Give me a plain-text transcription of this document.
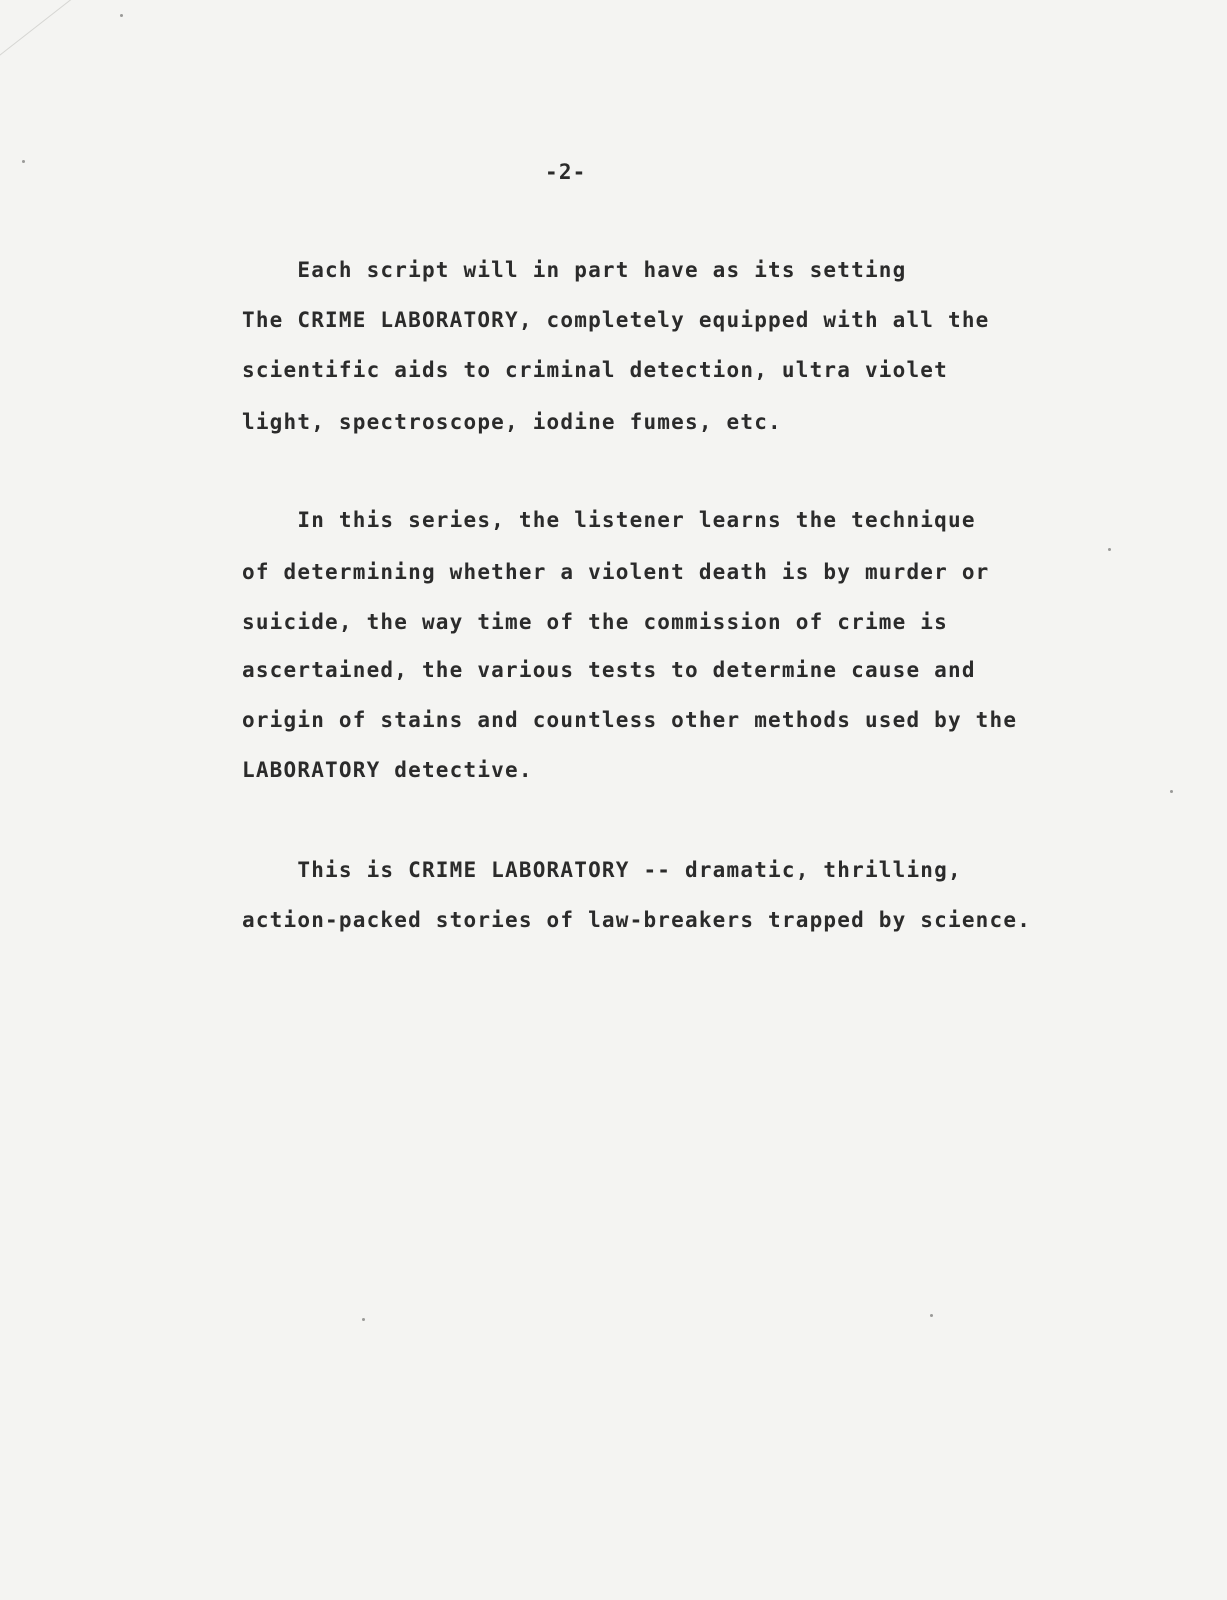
-2-
Each script will in part have as its setting
The CRIME LABORATORY, completely equipped with all the
scientific aids to criminal detection, ultra violet
light, spectroscope, iodine fumes, etc.
In this series, the listener learns the technique
of determining whether a violent death is by murder or
suicide, the way time of the commission of crime is
ascertained, the various tests to determine cause and
origin of stains and countless other methods used by the
LABORATORY detective.
This is CRIME LABORATORY -- dramatic, thrilling,
action-packed stories of law-breakers trapped by science.
